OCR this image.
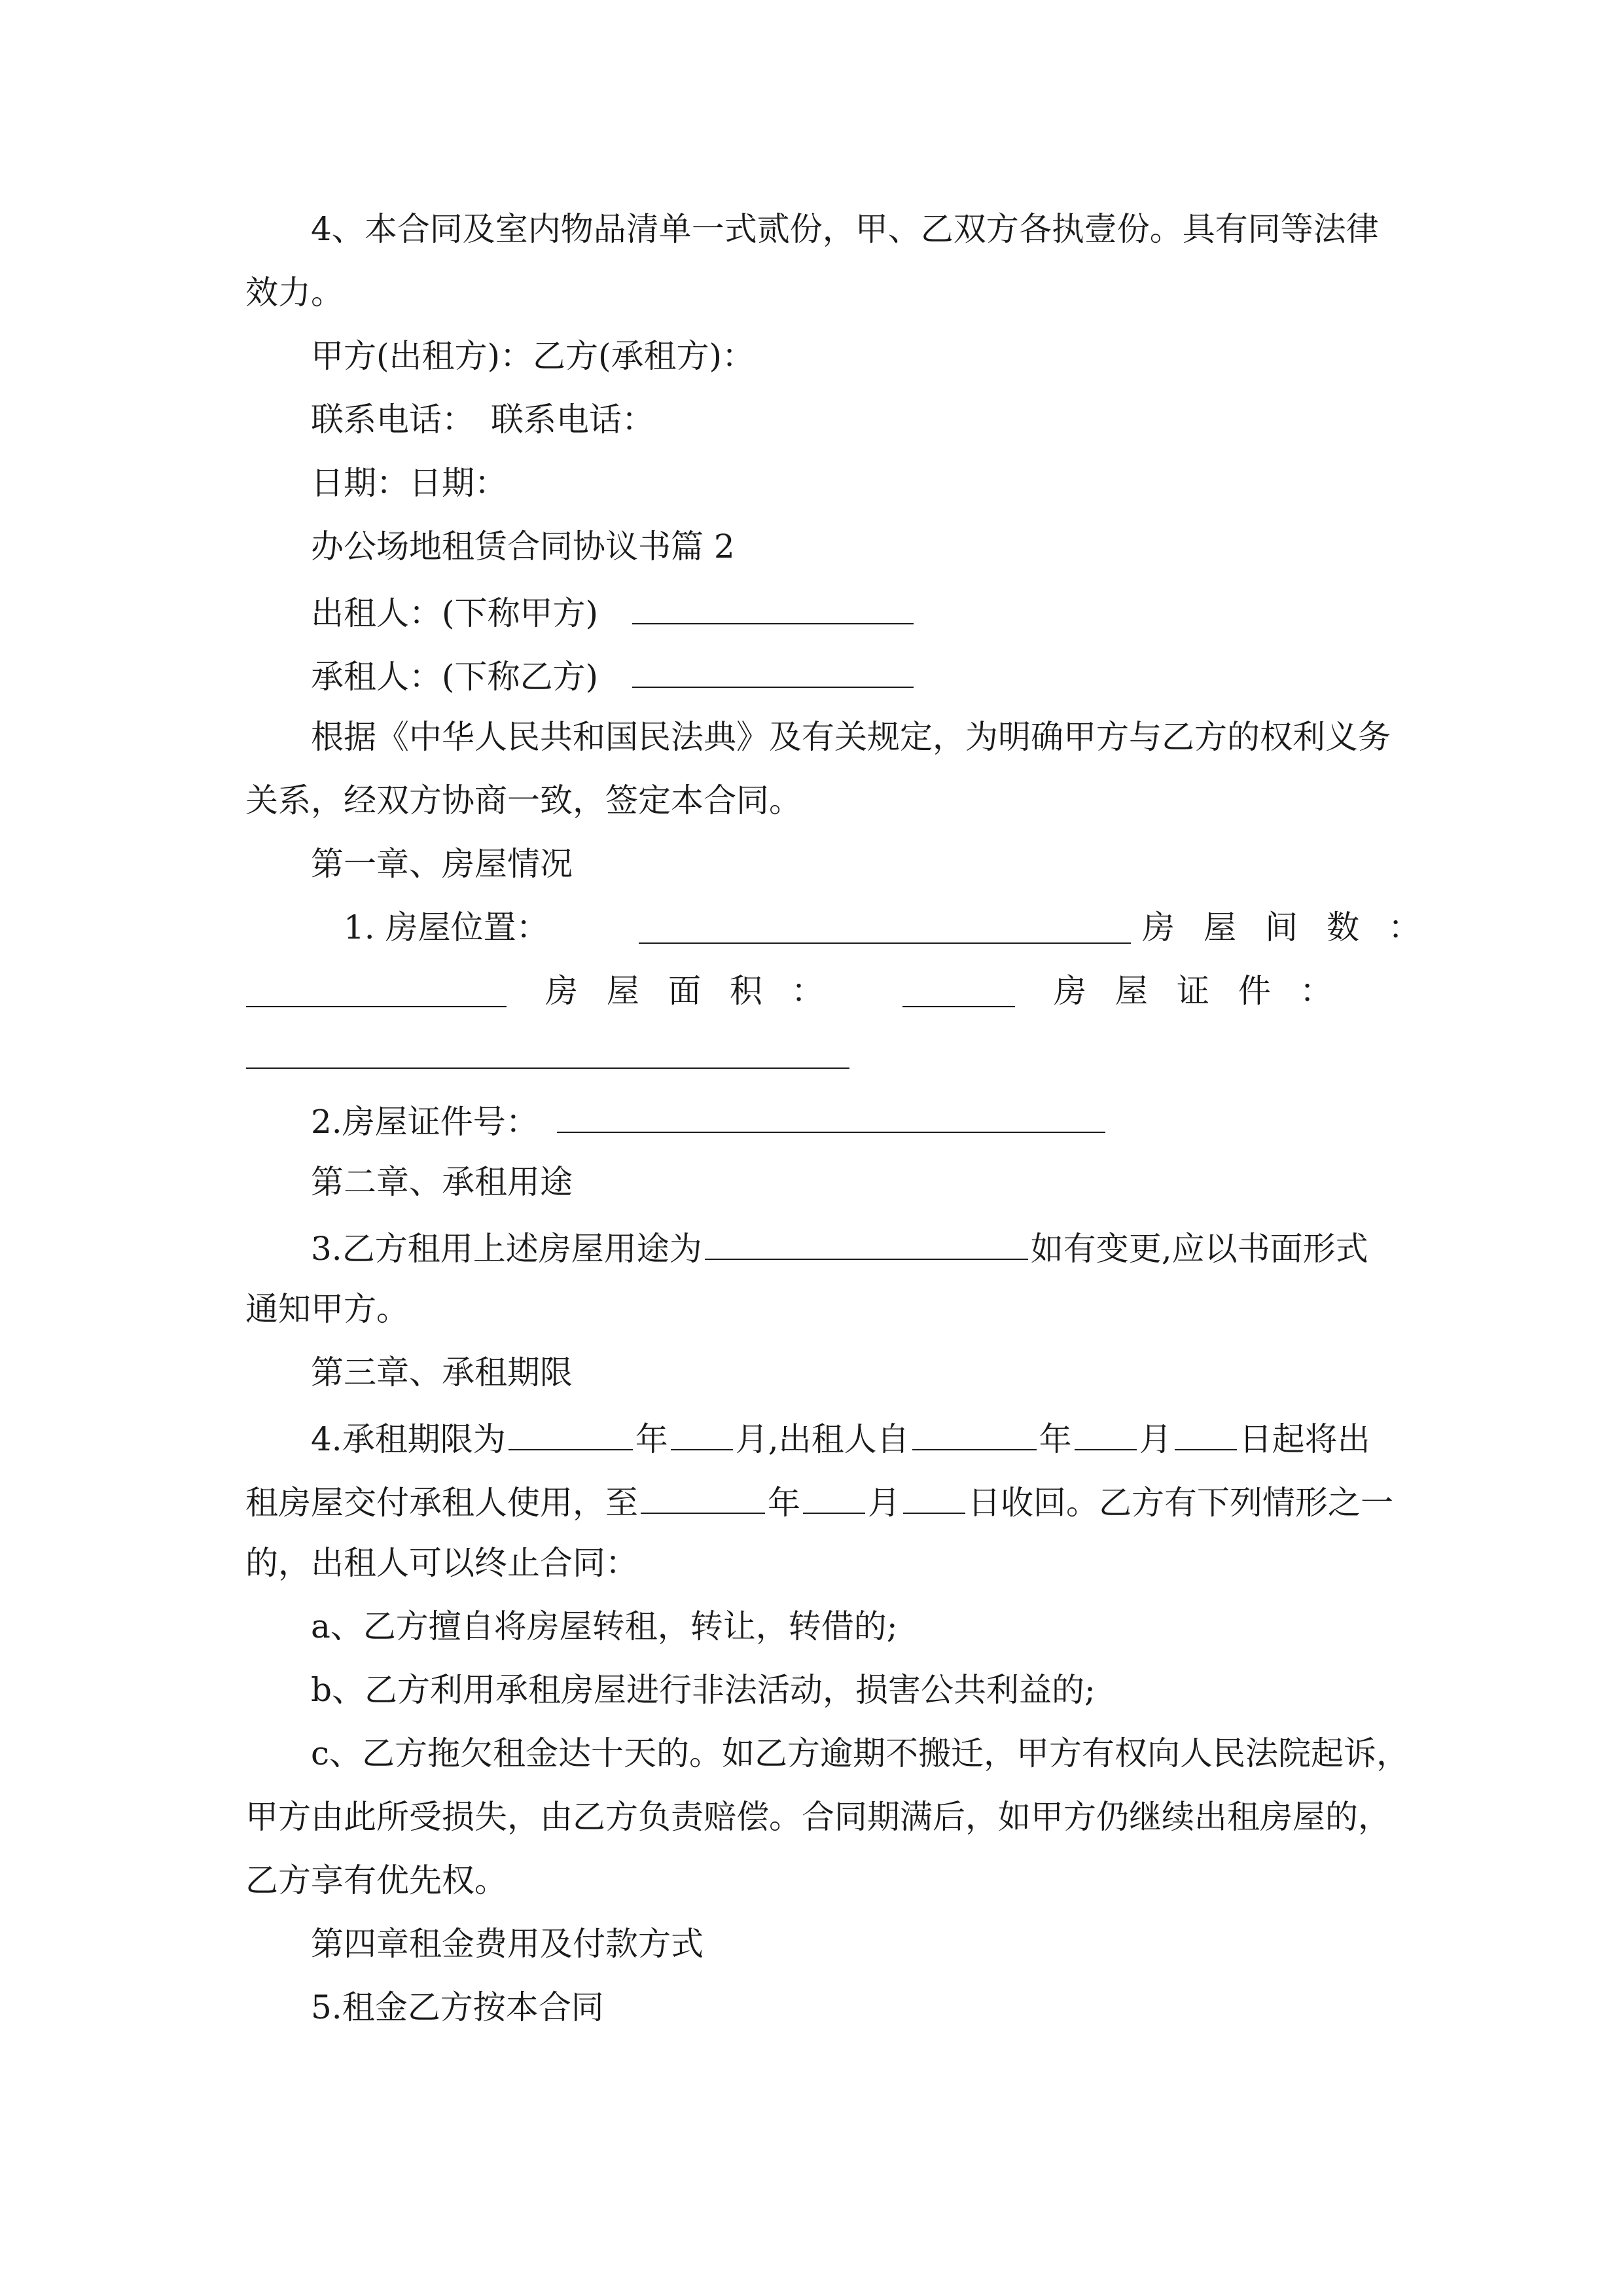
4、本合同及室内物品清单一式贰份，甲、乙双方各执壹份。具有同等法律
效力。
甲方(出租方)：乙方(承租方)：
联系电话：　联系电话：
日期：日期：
办公场地租赁合同协议书篇 2
出租人：(下称甲方)
承租人：(下称乙方)
根据《中华人民共和国民法典》及有关规定，为明确甲方与乙方的权利义务
关系，经双方协商一致，签定本合同。
第一章、房屋情况
1. 房屋位置：	房屋间数：
房屋面积：	房屋证件：
2.房屋证件号：
第二章、承租用途
3.乙方租用上述房屋用途为	如有变更,应以书面形式
通知甲方。
第三章、承租期限
4.承租期限为	年 月,出租人自	年 月 日起将出
租房屋交付承租人使用，至	年 月 日收回。乙方有下列情形之一
的，出租人可以终止合同：
a、乙方擅自将房屋转租，转让，转借的;
b、乙方利用承租房屋进行非法活动，损害公共利益的;
c、乙方拖欠租金达十天的。如乙方逾期不搬迁，甲方有权向人民法院起诉，
甲方由此所受损失，由乙方负责赔偿。合同期满后，如甲方仍继续出租房屋的，
乙方享有优先权。
第四章租金费用及付款方式
5.租金乙方按本合同
